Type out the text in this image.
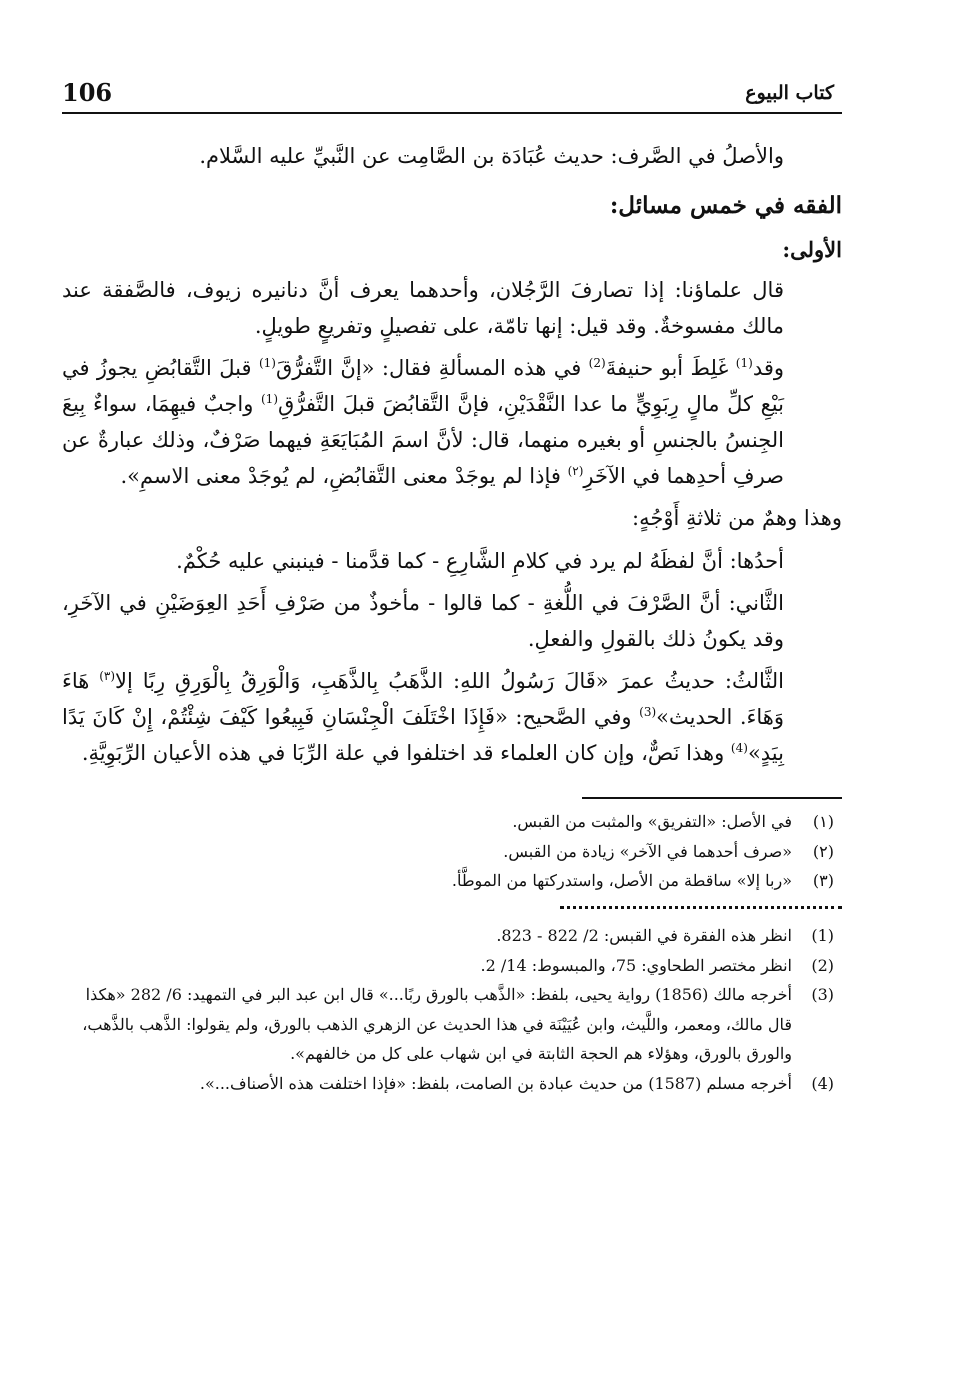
106	كتاب البيوع

والأصلُ في الصَّرف: حديث عُبَادَة بن الصَّامِت عن النَّبيِّ عليه السَّلام.

الفقه في خمس مسائل:
الأولى:

قال علماؤنا: إذا تصارفَ الرَّجُلان، وأحدهما يعرف أنَّ دنانيره زيوف، فالصَّفقة عند مالك مفسوخةٌ. وقد قيل: إنها تامّة، على تفصيلٍ وتفريعٍ طويلٍ.

وقد$^{(1)}$ غَلِطَ أبو حنيفةَ$^{(2)}$ في هذه المسألةِ فقال: «إنَّ التَّفرُّقَ$^{(1)}$ قبلَ التَّقابُضِ يجوزُ في بَيْعِ كلِّ مالٍ رِبَوِيٍّ ما عدا النَّقْدَيْنِ، فإنَّ التَّقابُضَ قبلَ التَّفرُّقِ$^{(1)}$ واجبٌ فيهِمَا، سواءٌ بِيعَ الجِنسُ بالجنسِ أو بغيره منهما، قال: لأنَّ اسمَ المُبَايَعَةِ فيهما صَرْفٌ، وذلك عبارةٌ عن صرفِ أحدِهما في الآخَرِ$^{(٢)}$ فإذا لم يوجَدْ معنى التَّقابُضِ، لم يُوجَدْ معنى الاسمِ».

وهذا وهمٌ من ثلاثةِ أَوْجُهٍ:

أحدُها: أنَّ لفظَهُ لم يرد في كلامِ الشَّارِعِ - كما قدَّمنا - فينبني عليه حُكْمٌ.

الثَّاني: أنَّ الصَّرْفَ في اللُّغةِ - كما قالوا - مأخوذٌ من صَرْفِ أَحَدِ العِوَضَيْنِ في الآخَرِ، وقد يكونُ ذلك بالقولِ والفعلِ.

الثَّالثُ: حديثُ عمرَ «قَالَ رَسُولُ اللهِ: الذَّهَبُ بِالذَّهَبِ، وَالْوَرِقُ بِالْوَرِقِ رِبًا إلا$^{(٣)}$ هَاءَ وَهَاءَ. الحديث»$^{(3)}$ وفي الصَّحيح: «فَإِذَا اخْتَلَفَ الْجِنْسَانِ فَبِيعُوا كَيْفَ شِئْتُمْ، إِنْ كَانَ يَدًا بِيَدٍ»$^{(4)}$ وهذا نَصٌّ، وإن كان العلماء قد اختلفوا في علة الرِّبَا في هذه الأعيان الرِّبَوِيَّةِ.

(١)
في الأصل: «التفريق» والمثبت من القبس.
(٢)
«صرف أحدهما في الآخر» زيادة من القبس.
(٣)
«ربا إلا» ساقطة من الأصل، واستدركتها من الموطَّأ.
(1)
انظر هذه الفقرة في القبس: 2/ 822 - 823.
(2)
انظر مختصر الطحاوي: 75، والمبسوط: 14/ 2.
(3)
أخرجه مالك (1856) رواية يحيى، بلفظ: «الذَّهب بالورق ربًا...» قال ابن عبد البر في التمهيد: 6/ 282 «هكذا قال مالك، ومعمر، واللَّيث، وابن عُيَيْنَة في هذا الحديث عن الزهري الذهب بالورق، ولم يقولوا: الذَّهب بالذَّهب، والورق بالورق، وهؤلاء هم الحجة الثابتة في ابن شهاب على كل من خالفهم».
(4)
أخرجه مسلم (1587) من حديث عبادة بن الصامت، بلفظ: «فإذا اختلفت هذه الأصناف...».
